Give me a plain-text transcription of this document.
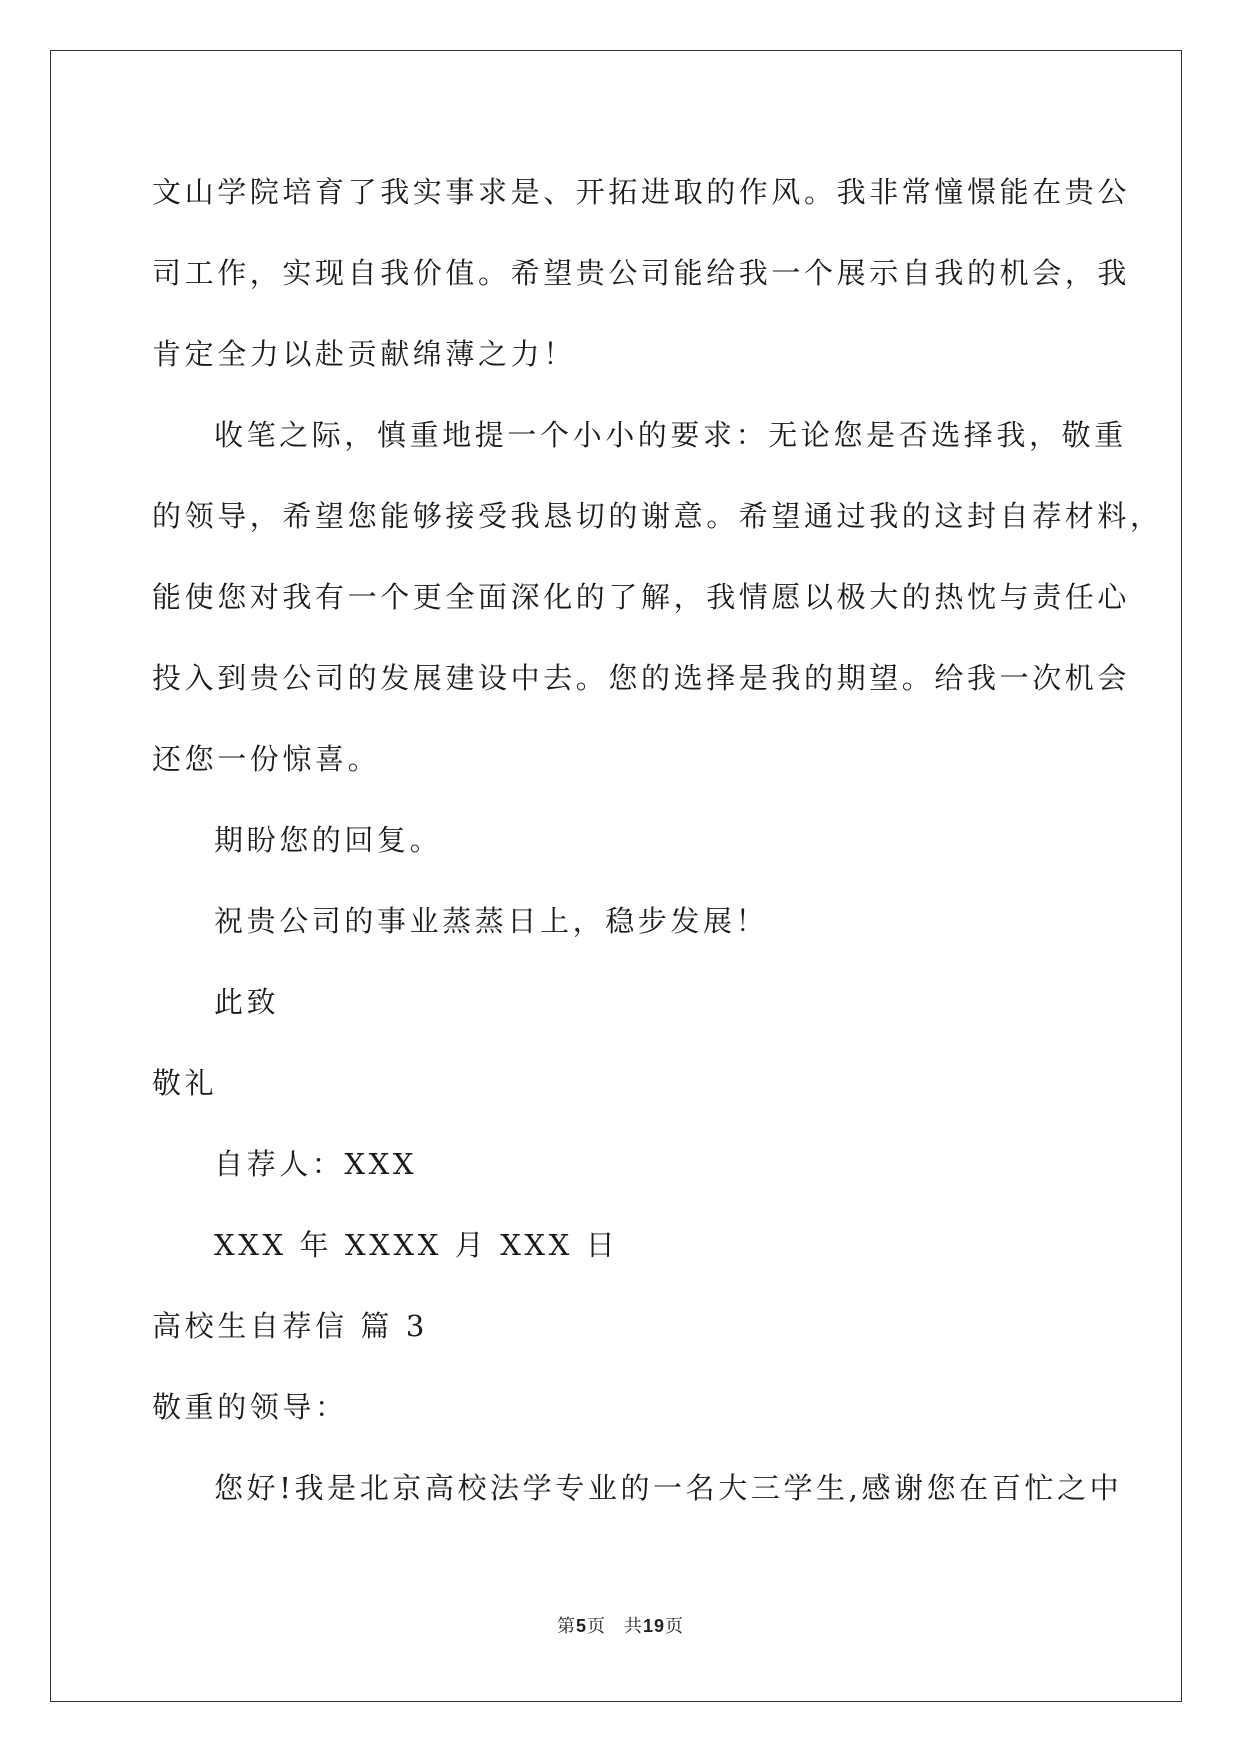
文山学院培育了我实事求是、开拓进取的作风。我非常憧憬能在贵公
司工作，实现自我价值。希望贵公司能给我一个展示自我的机会，我
肯定全力以赴贡献绵薄之力！
收笔之际，慎重地提一个小小的要求：无论您是否选择我，敬重
的领导，希望您能够接受我恳切的谢意。希望通过我的这封自荐材料，
能使您对我有一个更全面深化的了解，我情愿以极大的热忱与责任心
投入到贵公司的发展建设中去。您的选择是我的期望。给我一次机会
还您一份惊喜。
期盼您的回复。
祝贵公司的事业蒸蒸日上，稳步发展！
此致
敬礼
自荐人：XXX
XXX 年 XXXX 月 XXX 日
高校生自荐信 篇 3
敬重的领导：
您好!我是北京高校法学专业的一名大三学生,感谢您在百忙之中
第5页 共19页
